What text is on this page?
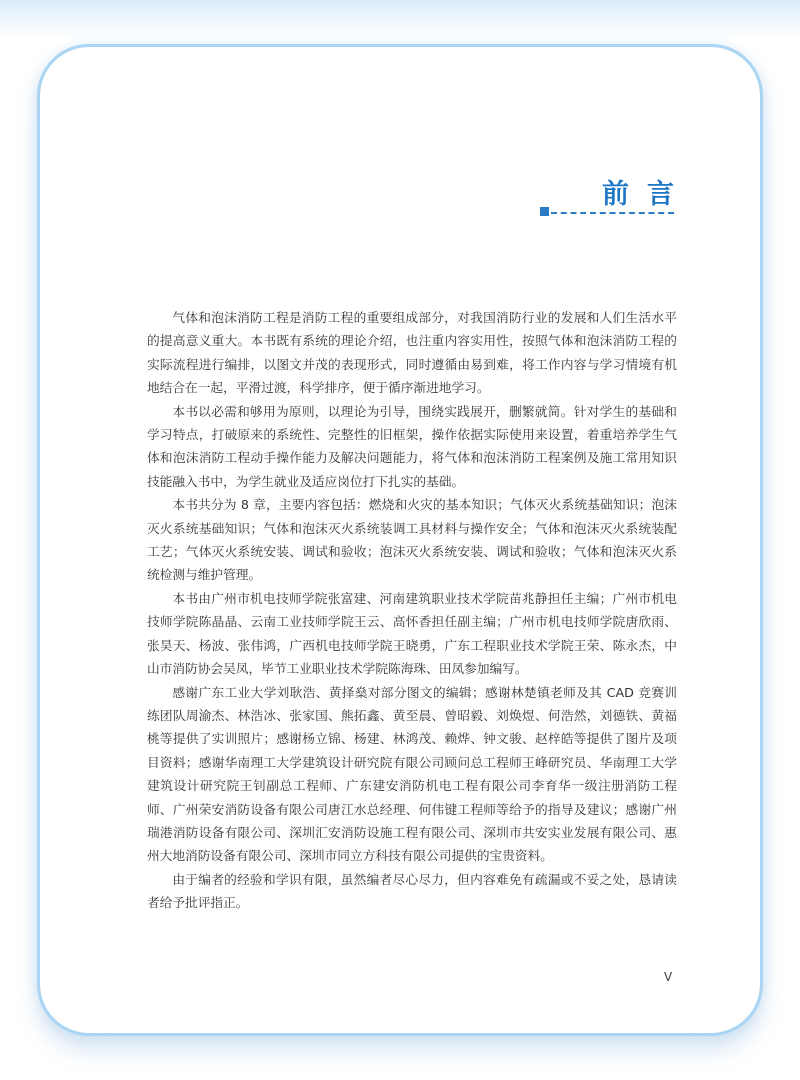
前言

气体和泡沫消防工程是消防工程的重要组成部分，对我国消防行业的发展和人们生活水平的提高意义重大。本书既有系统的理论介绍，也注重内容实用性，按照气体和泡沫消防工程的实际流程进行编排，以图文并茂的表现形式，同时遵循由易到难，将工作内容与学习情境有机地结合在一起，平滑过渡，科学排序，便于循序渐进地学习。

本书以必需和够用为原则，以理论为引导，围绕实践展开，删繁就简。针对学生的基础和学习特点，打破原来的系统性、完整性的旧框架，操作依据实际使用来设置，着重培养学生气体和泡沫消防工程动手操作能力及解决问题能力，将气体和泡沫消防工程案例及施工常用知识技能融入书中，为学生就业及适应岗位打下扎实的基础。

本书共分为 8 章，主要内容包括：燃烧和火灾的基本知识；气体灭火系统基础知识；泡沫灭火系统基础知识；气体和泡沫灭火系统装调工具材料与操作安全；气体和泡沫灭火系统装配工艺；气体灭火系统安装、调试和验收；泡沫灭火系统安装、调试和验收；气体和泡沫灭火系统检测与维护管理。

本书由广州市机电技师学院张富建、河南建筑职业技术学院苗兆静担任主编；广州市机电技师学院陈晶晶、云南工业技师学院王云、高怀香担任副主编；广州市机电技师学院唐欣雨、张昊天、杨波、张伟鸿，广西机电技师学院王晓勇，广东工程职业技术学院王荣、陈永杰，中山市消防协会吴凤，毕节工业职业技术学院陈海珠、田凤参加编写。

感谢广东工业大学刘耿浩、黄择燊对部分图文的编辑；感谢林楚镇老师及其 CAD 竞赛训练团队周渝杰、林浩冰、张家国、熊拓鑫、黄至晨、曾昭毅、刘焕煜、何浩然，刘德铁、黄福桃等提供了实训照片；感谢杨立锦、杨建、林鸿茂、赖烨、钟文骏、赵梓皓等提供了图片及项目资料；感谢华南理工大学建筑设计研究院有限公司顾问总工程师王峰研究员、华南理工大学建筑设计研究院王钊副总工程师、广东建安消防机电工程有限公司李育华一级注册消防工程师、广州荣安消防设备有限公司唐江水总经理、何伟键工程师等给予的指导及建议；感谢广州瑞港消防设备有限公司、深圳汇安消防设施工程有限公司、深圳市共安实业发展有限公司、惠州大地消防设备有限公司、深圳市同立方科技有限公司提供的宝贵资料。

由于编者的经验和学识有限，虽然编者尽心尽力，但内容难免有疏漏或不妥之处，恳请读者给予批评指正。

V
